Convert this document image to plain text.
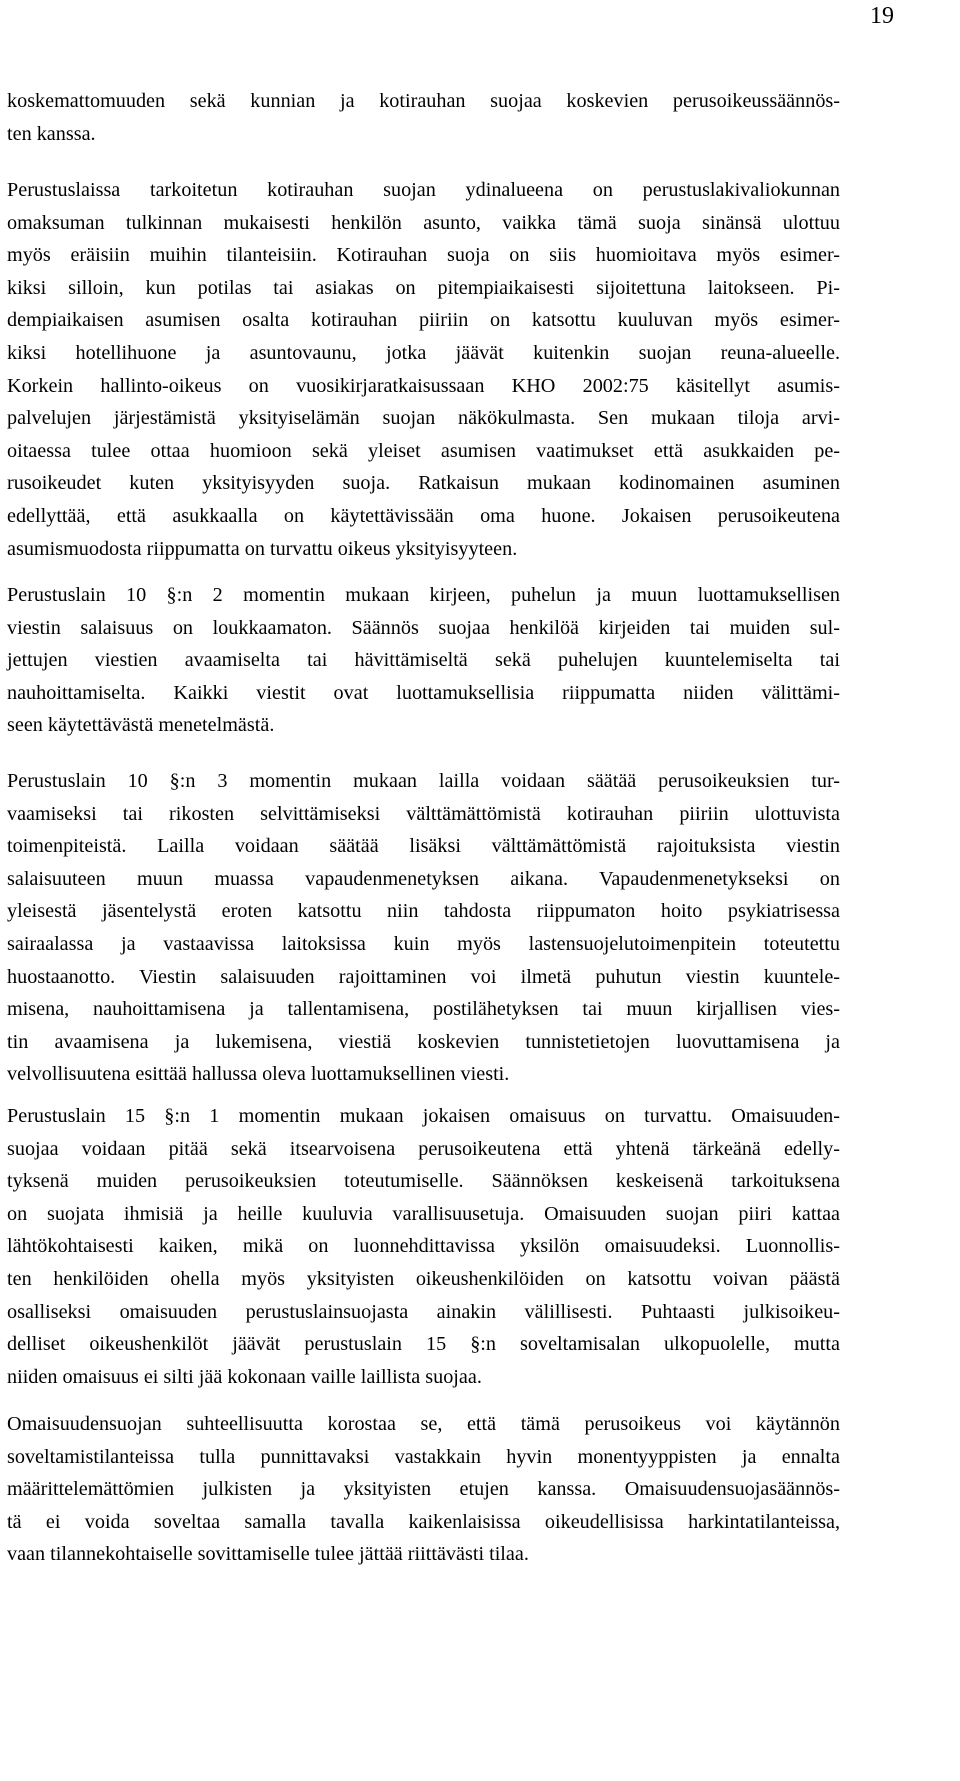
19
koskemattomuuden sekä kunnian ja kotirauhan suojaa koskevien perusoikeussäännös-
ten kanssa.
Perustuslaissa tarkoitetun kotirauhan suojan ydinalueena on perustuslakivaliokunnan
omaksuman tulkinnan mukaisesti henkilön asunto, vaikka tämä suoja sinänsä ulottuu
myös eräisiin muihin tilanteisiin. Kotirauhan suoja on siis huomioitava myös esimer-
kiksi silloin, kun potilas tai asiakas on pitempiaikaisesti sijoitettuna laitokseen. Pi-
dempiaikaisen asumisen osalta kotirauhan piiriin on katsottu kuuluvan myös esimer-
kiksi hotellihuone ja asuntovaunu, jotka jäävät kuitenkin suojan reuna-alueelle.
Korkein hallinto-oikeus on vuosikirjaratkaisussaan KHO 2002:75 käsitellyt asumis-
palvelujen järjestämistä yksityiselämän suojan näkökulmasta. Sen mukaan tiloja arvi-
oitaessa tulee ottaa huomioon sekä yleiset asumisen vaatimukset että asukkaiden pe-
rusoikeudet kuten yksityisyyden suoja. Ratkaisun mukaan kodinomainen asuminen
edellyttää, että asukkaalla on käytettävissään oma huone. Jokaisen perusoikeutena
asumismuodosta riippumatta on turvattu oikeus yksityisyyteen.
Perustuslain 10 §:n 2 momentin mukaan kirjeen, puhelun ja muun luottamuksellisen
viestin salaisuus on loukkaamaton. Säännös suojaa henkilöä kirjeiden tai muiden sul-
jettujen viestien avaamiselta tai hävittämiseltä sekä puhelujen kuuntelemiselta tai
nauhoittamiselta. Kaikki viestit ovat luottamuksellisia riippumatta niiden välittämi-
seen käytettävästä menetelmästä.
Perustuslain 10 §:n 3 momentin mukaan lailla voidaan säätää perusoikeuksien tur-
vaamiseksi tai rikosten selvittämiseksi välttämättömistä kotirauhan piiriin ulottuvista
toimenpiteistä. Lailla voidaan säätää lisäksi välttämättömistä rajoituksista viestin
salaisuuteen muun muassa vapaudenmenetyksen aikana. Vapaudenmenetykseksi on
yleisestä jäsentelystä eroten katsottu niin tahdosta riippumaton hoito psykiatrisessa
sairaalassa ja vastaavissa laitoksissa kuin myös lastensuojelutoimenpitein toteutettu
huostaanotto. Viestin salaisuuden rajoittaminen voi ilmetä puhutun viestin kuuntele-
misena, nauhoittamisena ja tallentamisena, postilähetyksen tai muun kirjallisen vies-
tin avaamisena ja lukemisena, viestiä koskevien tunnistetietojen luovuttamisena ja
velvollisuutena esittää hallussa oleva luottamuksellinen viesti.
Perustuslain 15 §:n 1 momentin mukaan jokaisen omaisuus on turvattu. Omaisuuden-
suojaa voidaan pitää sekä itsearvoisena perusoikeutena että yhtenä tärkeänä edelly-
tyksenä muiden perusoikeuksien toteutumiselle. Säännöksen keskeisenä tarkoituksena
on suojata ihmisiä ja heille kuuluvia varallisuusetuja. Omaisuuden suojan piiri kattaa
lähtökohtaisesti kaiken, mikä on luonnehdittavissa yksilön omaisuudeksi. Luonnollis-
ten henkilöiden ohella myös yksityisten oikeushenkilöiden on katsottu voivan päästä
osalliseksi omaisuuden perustuslainsuojasta ainakin välillisesti. Puhtaasti julkisoikeu-
delliset oikeushenkilöt jäävät perustuslain 15 §:n soveltamisalan ulkopuolelle, mutta
niiden omaisuus ei silti jää kokonaan vaille laillista suojaa.
Omaisuudensuojan suhteellisuutta korostaa se, että tämä perusoikeus voi käytännön
soveltamistilanteissa tulla punnittavaksi vastakkain hyvin monentyyppisten ja ennalta
määrittelemättömien julkisten ja yksityisten etujen kanssa. Omaisuudensuojasäännös-
tä ei voida soveltaa samalla tavalla kaikenlaisissa oikeudellisissa harkintatilanteissa,
vaan tilannekohtaiselle sovittamiselle tulee jättää riittävästi tilaa.
